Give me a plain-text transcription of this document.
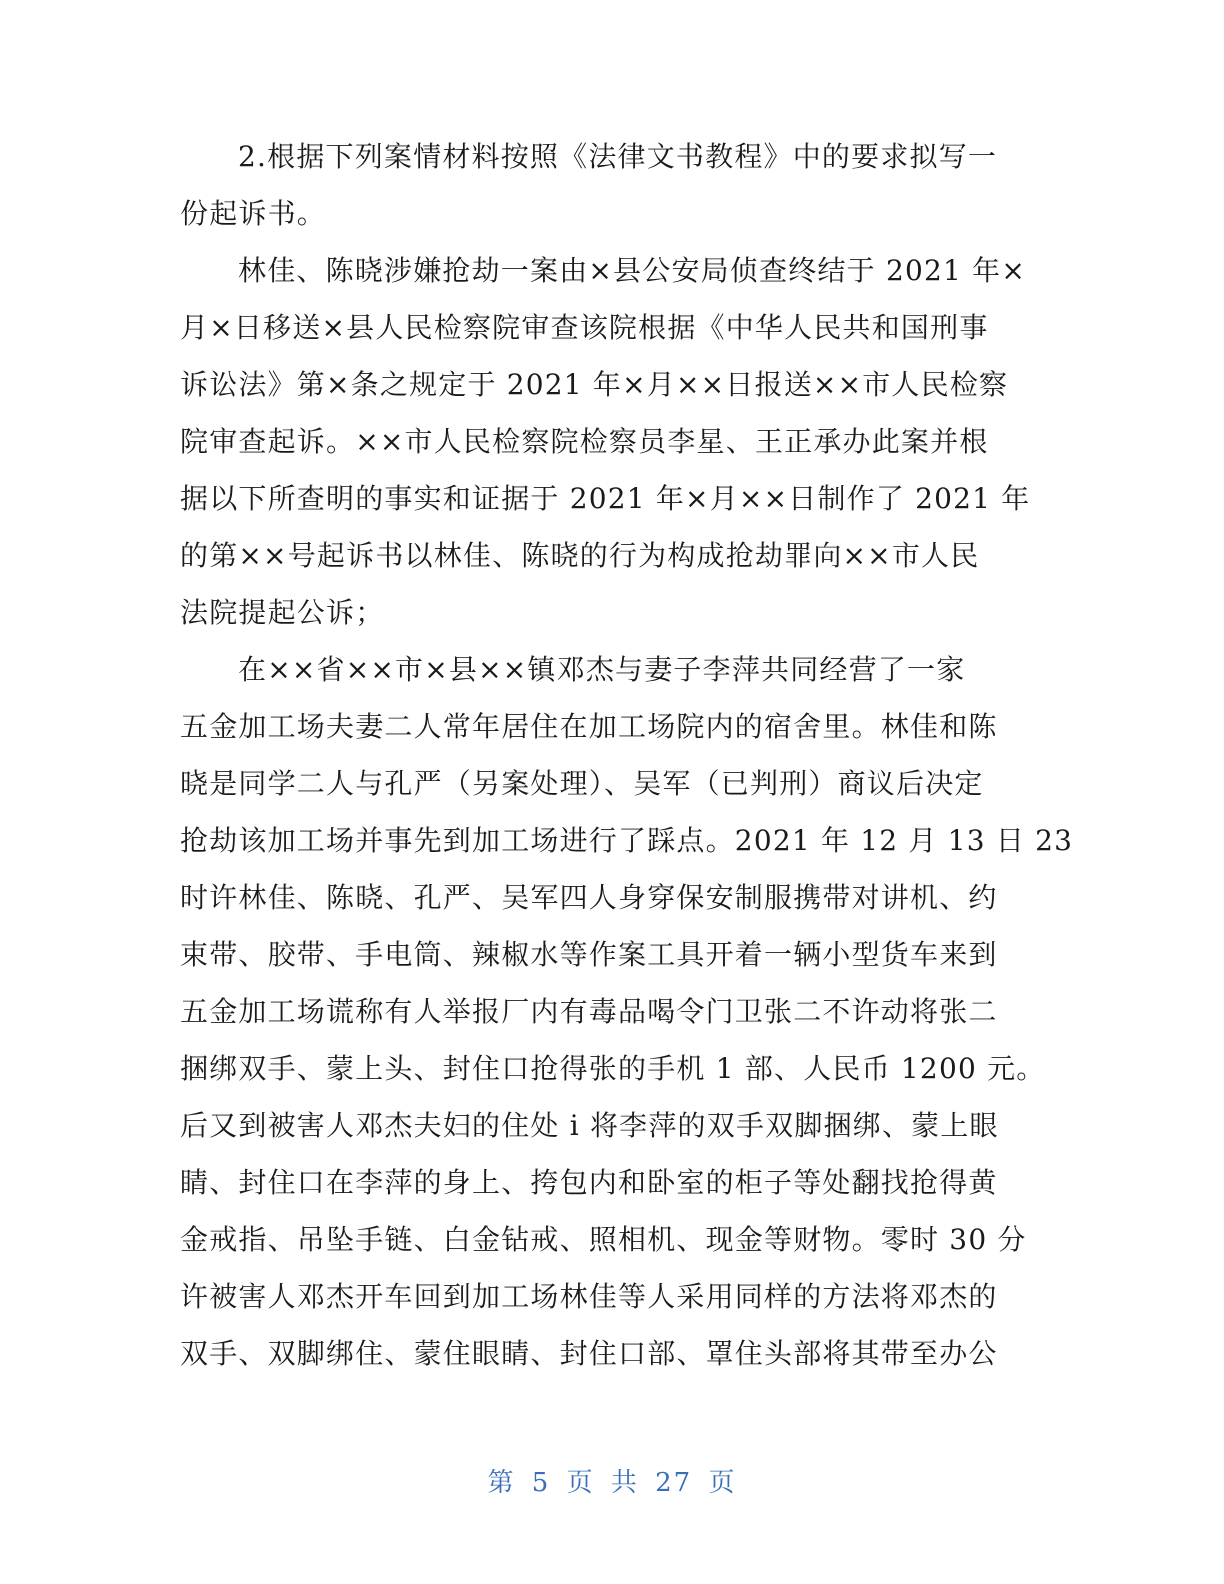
2.根据下列案情材料按照《法律文书教程》中的要求拟写一
份起诉书。
林佳、陈晓涉嫌抢劫一案由×县公安局侦查终结于 2021 年×
月×日移送×县人民检察院审查该院根据《中华人民共和国刑事
诉讼法》第×条之规定于 2021 年×月××日报送××市人民检察
院审查起诉。××市人民检察院检察员李星、王正承办此案并根
据以下所查明的事实和证据于 2021 年×月××日制作了 2021 年
的第××号起诉书以林佳、陈晓的行为构成抢劫罪向××市人民
法院提起公诉；
在××省××市×县××镇邓杰与妻子李萍共同经营了一家
五金加工场夫妻二人常年居住在加工场院内的宿舍里。林佳和陈
晓是同学二人与孔严（另案处理）、吴军（已判刑）商议后决定
抢劫该加工场并事先到加工场进行了踩点。2021 年 12 月 13 日 23
时许林佳、陈晓、孔严、吴军四人身穿保安制服携带对讲机、约
束带、胶带、手电筒、辣椒水等作案工具开着一辆小型货车来到
五金加工场谎称有人举报厂内有毒品喝令门卫张二不许动将张二
捆绑双手、蒙上头、封住口抢得张的手机 1 部、人民币 1200 元。
后又到被害人邓杰夫妇的住处 i 将李萍的双手双脚捆绑、蒙上眼
睛、封住口在李萍的身上、挎包内和卧室的柜子等处翻找抢得黄
金戒指、吊坠手链、白金钻戒、照相机、现金等财物。零时 30 分
许被害人邓杰开车回到加工场林佳等人采用同样的方法将邓杰的
双手、双脚绑住、蒙住眼睛、封住口部、罩住头部将其带至办公
第 5 页 共 27 页
